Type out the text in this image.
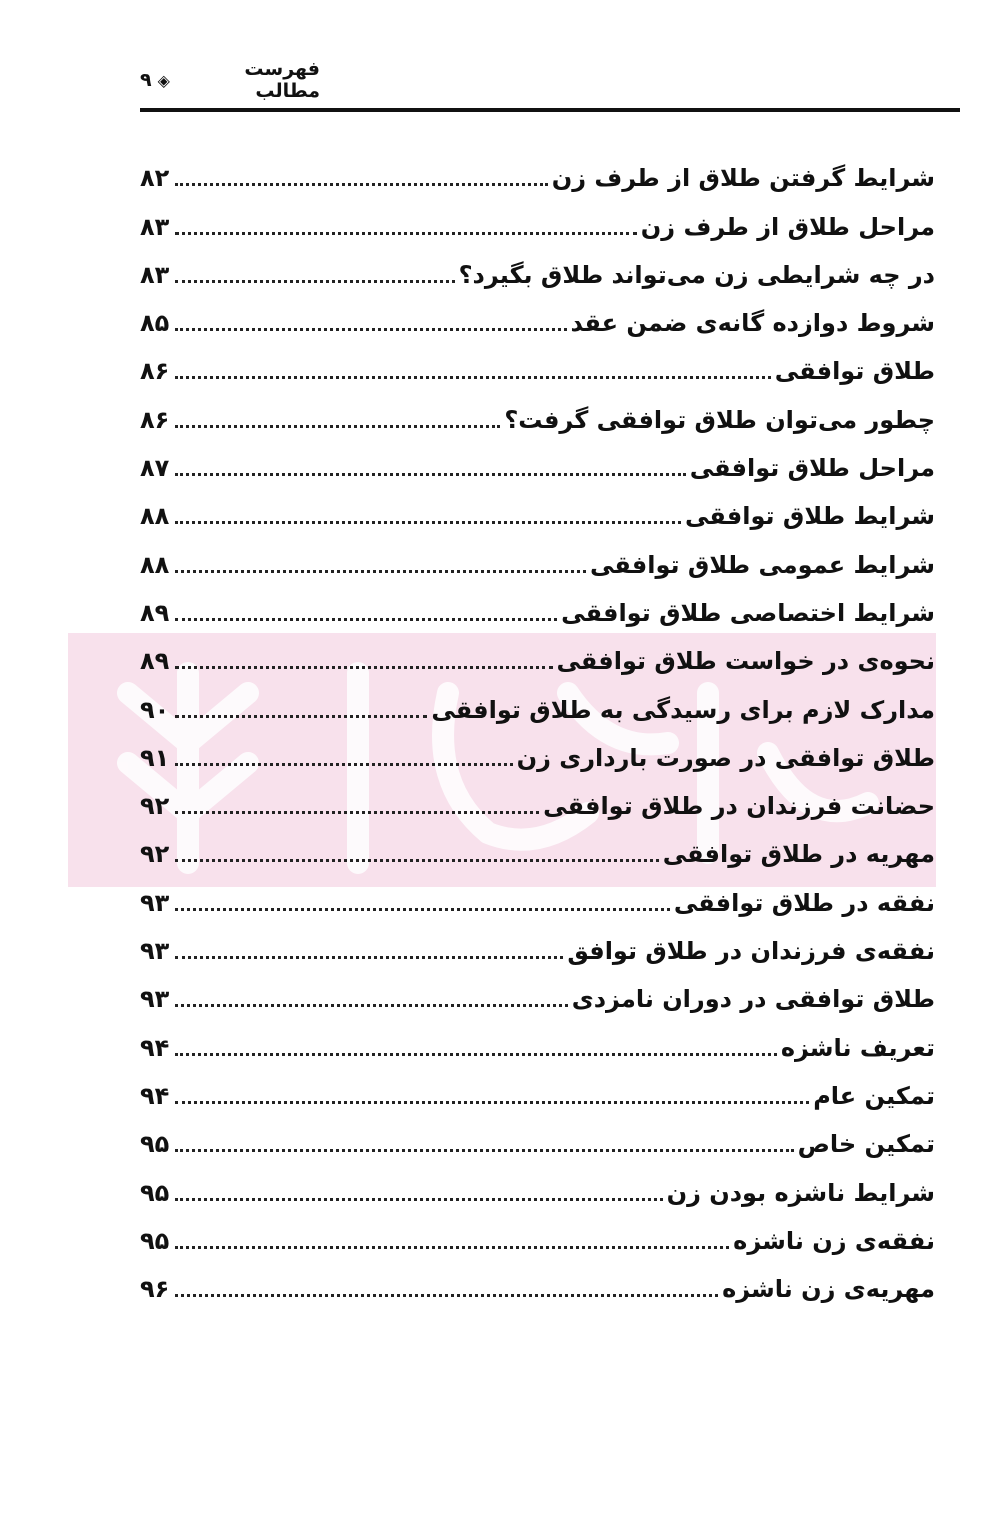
فهرست مطالب
◈
۹
۸۲	شرایط گرفتن طلاق از طرف زن
۸۳	مراحل طلاق از طرف زن
۸۳	در چه شرایطی زن می‌تواند طلاق بگیرد؟
۸۵	شروط دوازده گانه‌ی ضمن عقد
۸۶	طلاق توافقی
۸۶	چطور می‌توان طلاق توافقی گرفت؟
۸۷	مراحل طلاق توافقی
۸۸	شرایط طلاق توافقی
۸۸	شرایط عمومی طلاق توافقی
۸۹	شرایط اختصاصی طلاق توافقی
۸۹	نحوه‌ی در خواست طلاق توافقی
۹۰	مدارک لازم برای رسیدگی به طلاق توافقی
۹۱	طلاق توافقی در صورت بارداری زن
۹۲	حضانت فرزندان در طلاق توافقی
۹۲	مهریه در طلاق توافقی
۹۳	نفقه در طلاق توافقی
۹۳	نفقه‌ی فرزندان در طلاق توافق
۹۳	طلاق توافقی در دوران نامزدی
۹۴	تعریف ناشزه
۹۴	تمکین عام
۹۵	تمکین خاص
۹۵	شرایط ناشزه بودن زن
۹۵	نفقه‌ی زن ناشزه
۹۶	مهریه‌ی زن ناشزه
